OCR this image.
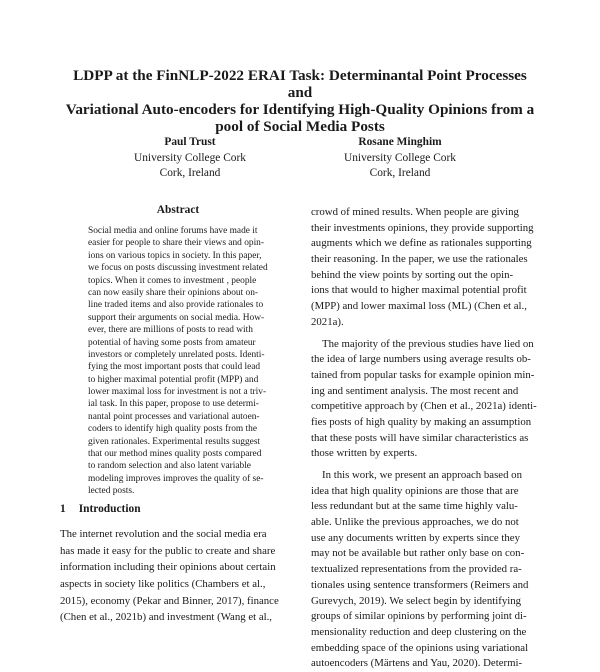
LDPP at the FinNLP-2022 ERAI Task: Determinantal Point Processes and
Variational Auto-encoders for Identifying High-Quality Opinions from a
pool of Social Media Posts
Paul Trust
University College Cork
Cork, Ireland
Rosane Minghim
University College Cork
Cork, Ireland
Abstract
Social media and online forums have made it
easier for people to share their views and opin-
ions on various topics in society. In this paper,
we focus on posts discussing investment related
topics. When it comes to investment , people
can now easily share their opinions about on-
line traded items and also provide rationales to
support their arguments on social media. How-
ever, there are millions of posts to read with
potential of having some posts from amateur
investors or completely unrelated posts. Identi-
fying the most important posts that could lead
to higher maximal potential profit (MPP) and
lower maximal loss for investment is not a triv-
ial task. In this paper, propose to use determi-
nantal point processes and variational autoen-
coders to identify high quality posts from the
given rationales. Experimental results suggest
that our method mines quality posts compared
to random selection and also latent variable
modeling improves improves the quality of se-
lected posts.
1 Introduction
The internet revolution and the social media era
has made it easy for the public to create and share
information including their opinions about certain
aspects in society like politics (Chambers et al.,
2015), economy (Pekar and Binner, 2017), finance
(Chen et al., 2021b) and investment (Wang et al.,
crowd of mined results. When people are giving
their investments opinions, they provide supporting
augments which we define as rationales supporting
their reasoning. In the paper, we use the rationales
behind the view points by sorting out the opin-
ions that would to higher maximal potential profit
(MPP) and lower maximal loss (ML) (Chen et al.,
2021a).
The majority of the previous studies have lied on
the idea of large numbers using average results ob-
tained from popular tasks for example opinion min-
ing and sentiment analysis. The most recent and
competitive approach by (Chen et al., 2021a) identi-
fies posts of high quality by making an assumption
that these posts will have similar characteristics as
those written by experts.
In this work, we present an approach based on
idea that high quality opinions are those that are
less redundant but at the same time highly valu-
able. Unlike the previous approaches, we do not
use any documents written by experts since they
may not be available but rather only base on con-
textualized representations from the provided ra-
tionales using sentence transformers (Reimers and
Gurevych, 2019). We select begin by identifying
groups of similar opinions by performing joint di-
mensionality reduction and deep clustering on the
embedding space of the opinions using variational
autoencoders (Märtens and Yau, 2020). Determi-
